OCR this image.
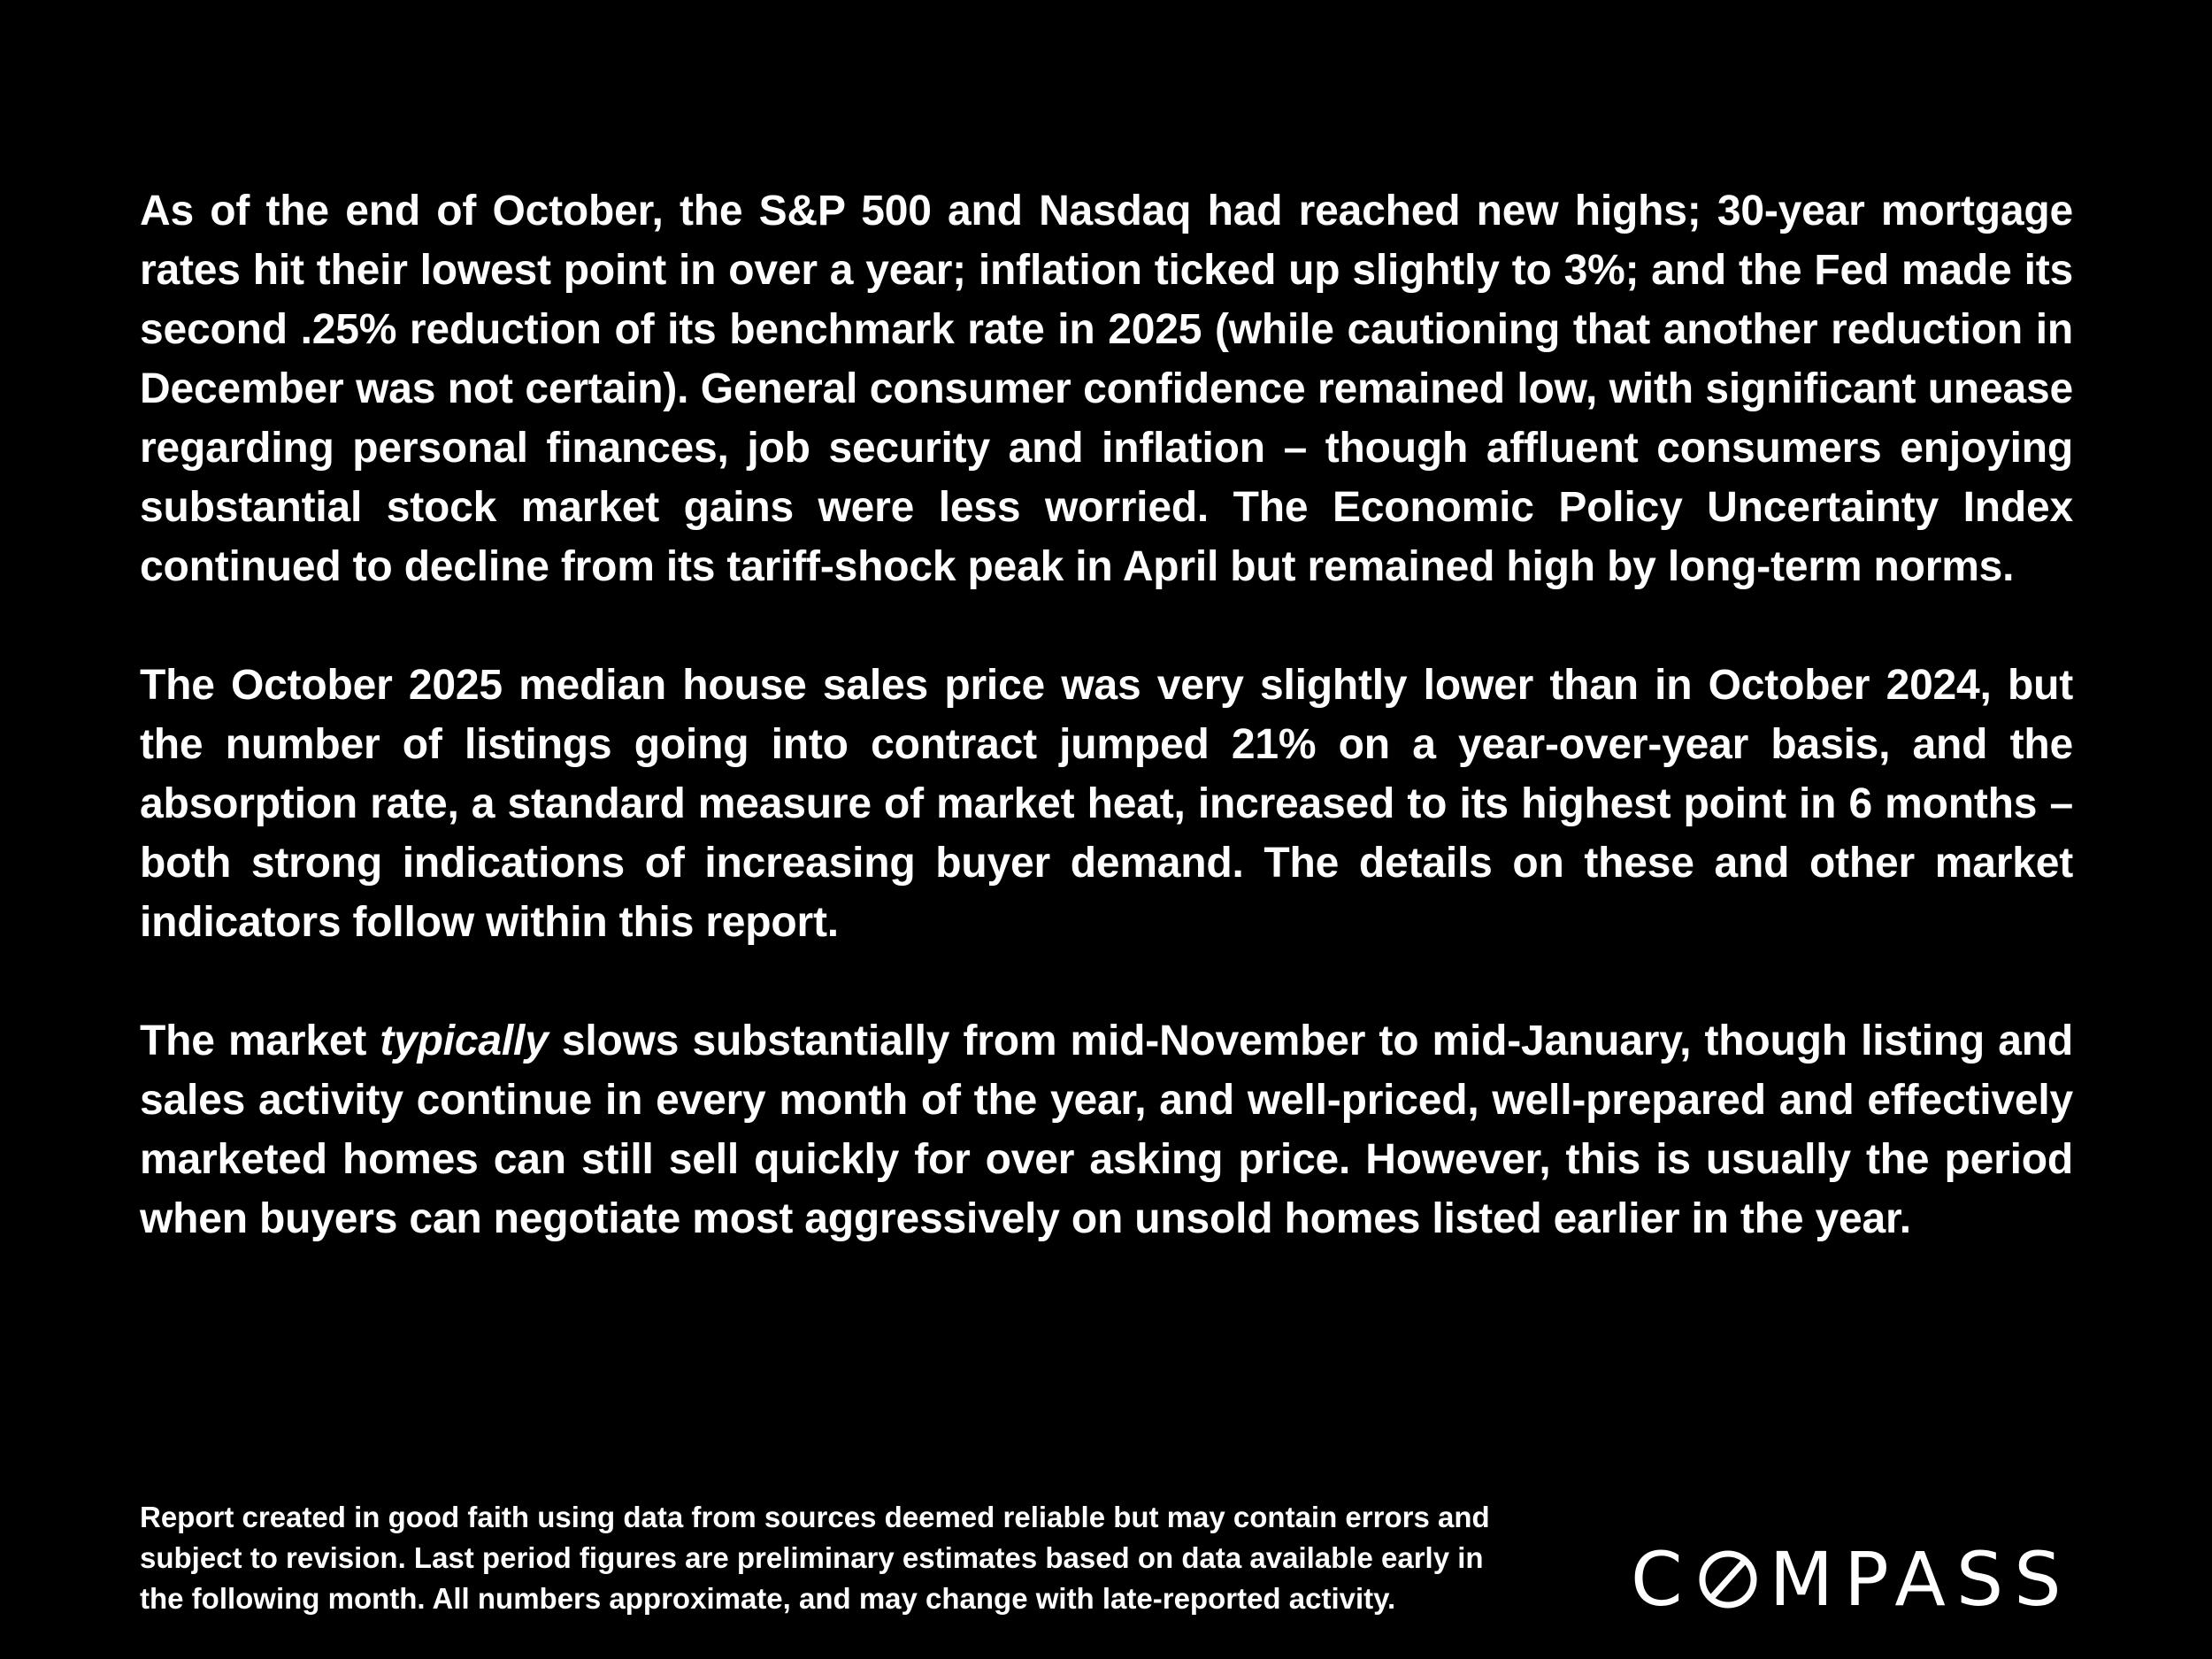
As of the end of October, the S&P 500 and Nasdaq had reached new highs; 30-year mortgage rates hit their lowest point in over a year; inflation ticked up slightly to 3%; and the Fed made its second .25% reduction of its benchmark rate in 2025 (while cautioning that another reduction in December was not certain). General consumer confidence remained low, with significant unease regarding personal finances, job security and inflation – though affluent consumers enjoying substantial stock market gains were less worried. The Economic Policy Uncertainty Index continued to decline from its tariff-shock peak in April but remained high by long-term norms.

The October 2025 median house sales price was very slightly lower than in October 2024, but the number of listings going into contract jumped 21% on a year-over-year basis, and the absorption rate, a standard measure of market heat, increased to its highest point in 6 months – both strong indications of increasing buyer demand. The details on these and other market indicators follow within this report.

The market typically slows substantially from mid-November to mid-January, though listing and sales activity continue in every month of the year, and well-priced, well-prepared and effectively marketed homes can still sell quickly for over asking price. However, this is usually the period when buyers can negotiate most aggressively on unsold homes listed earlier in the year.

Report created in good faith using data from sources deemed reliable but may contain errors and subject to revision. Last period figures are preliminary estimates based on data available early in the following month. All numbers approximate, and may change with late-reported activity.	C MPASS
